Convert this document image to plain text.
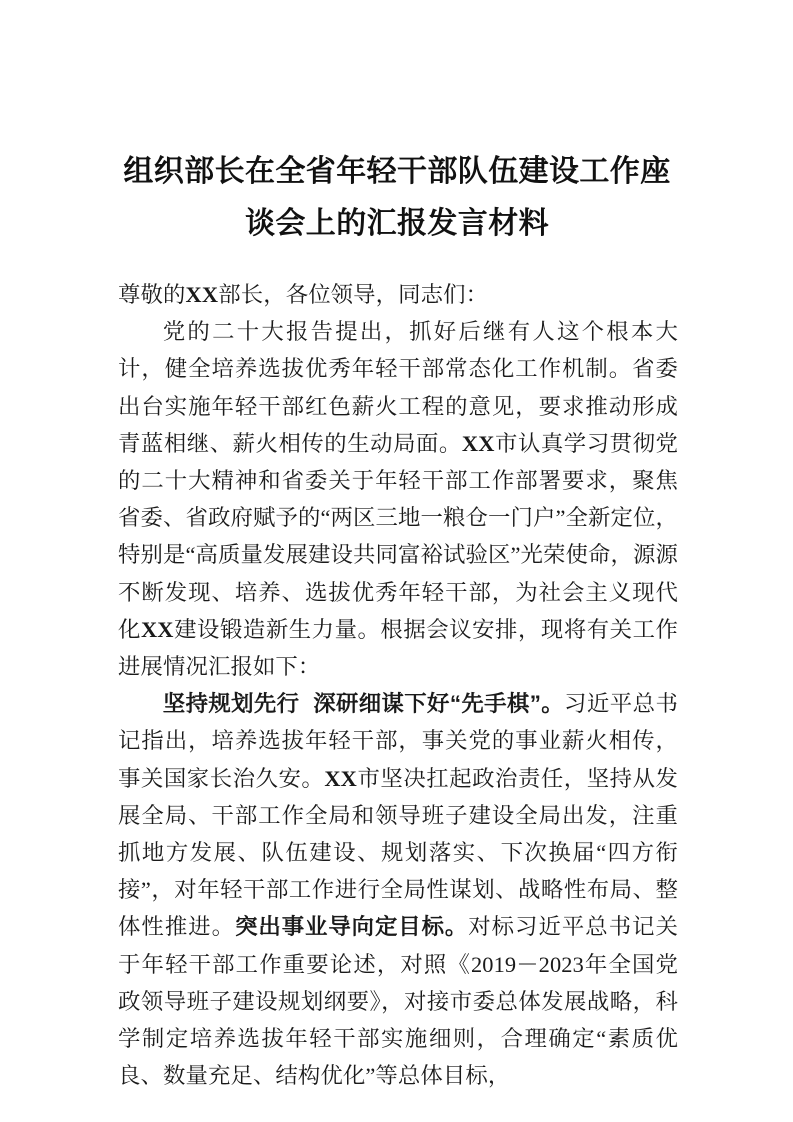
组织部长在全省年轻干部队伍建设工作座
谈会上的汇报发言材料

尊敬的XX部长，各位领导，同志们：

党的二十大报告提出，抓好后继有人这个根本大计，健全培养选拔优秀年轻干部常态化工作机制。省委出台实施年轻干部红色薪火工程的意见，要求推动形成青蓝相继、薪火相传的生动局面。XX市认真学习贯彻党的二十大精神和省委关于年轻干部工作部署要求，聚焦省委、省政府赋予的“两区三地一粮仓一门户”全新定位，特别是“高质量发展建设共同富裕试验区”光荣使命，源源不断发现、培养、选拔优秀年轻干部，为社会主义现代化XX建设锻造新生力量。根据会议安排，现将有关工作进展情况汇报如下：

坚持规划先行 深研细谋下好“先手棋”。习近平总书记指出，培养选拔年轻干部，事关党的事业薪火相传，事关国家长治久安。XX市坚决扛起政治责任，坚持从发展全局、干部工作全局和领导班子建设全局出发，注重抓地方发展、队伍建设、规划落实、下次换届“四方衔接”，对年轻干部工作进行全局性谋划、战略性布局、整体性推进。突出事业导向定目标。对标习近平总书记关于年轻干部工作重要论述，对照《2019－2023年全国党政领导班子建设规划纲要》，对接市委总体发展战略，科学制定培养选拔年轻干部实施细则，合理确定“素质优良、数量充足、结构优化”等总体目标，
